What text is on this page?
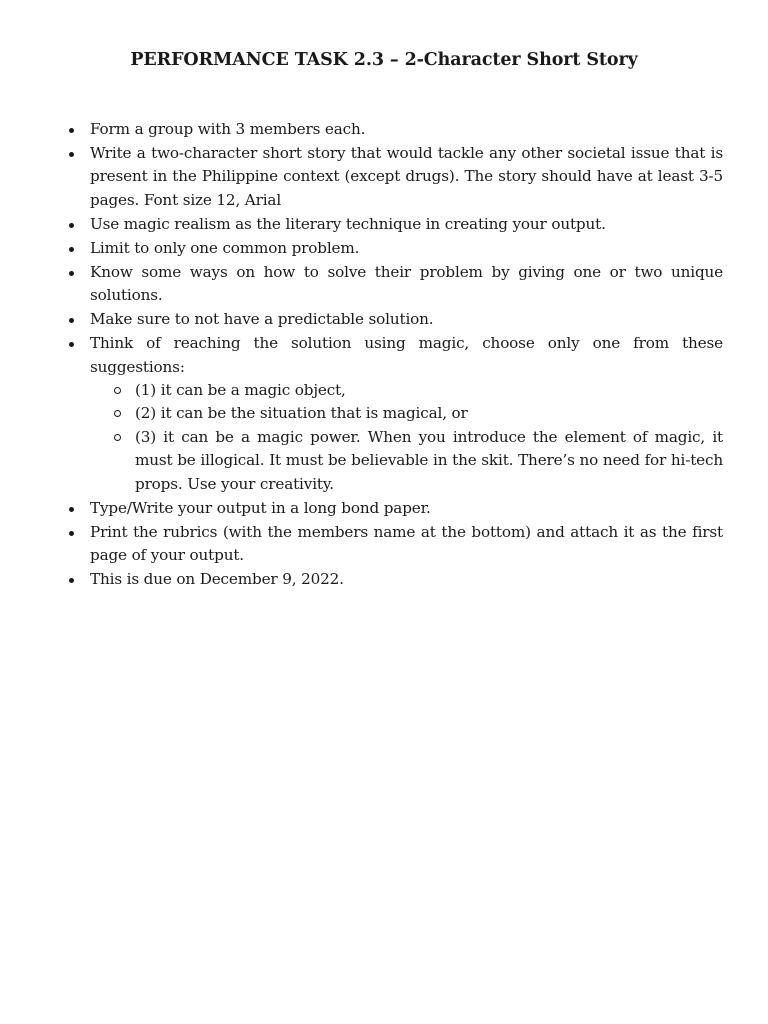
PERFORMANCE TASK 2.3 – 2-Character Short Story
Form a group with 3 members each.
Write a two-character short story that would tackle any other societal issue that is present in the Philippine context (except drugs). The story should have at least 3-5 pages. Font size 12, Arial
Use magic realism as the literary technique in creating your output.
Limit to only one common problem.
Know some ways on how to solve their problem by giving one or two unique solutions.
Make sure to not have a predictable solution.
Think of reaching the solution using magic, choose only one from these suggestions:
(1) it can be a magic object,
(2) it can be the situation that is magical, or
(3) it can be a magic power. When you introduce the element of magic, it must be illogical. It must be believable in the skit. There’s no need for hi-tech props. Use your creativity.
Type/Write your output in a long bond paper.
Print the rubrics (with the members name at the bottom) and attach it as the first page of your output.
This is due on December 9, 2022.
